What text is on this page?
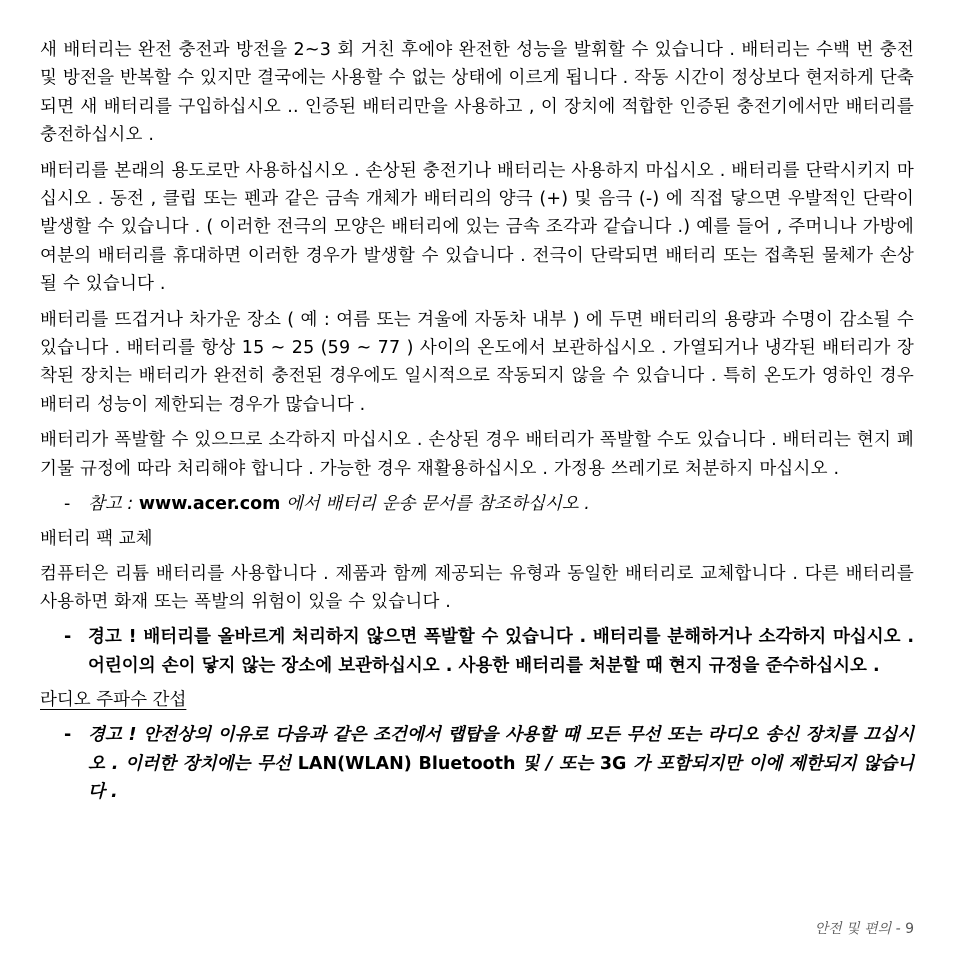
새 배터리는 완전 충전과 방전을 2~3 회 거친 후에야 완전한 성능을 발휘할 수 있습니다 . 배터리는 수백 번 충전 및 방전을 반복할 수 있지만 결국에는 사용할 수 없는 상태에 이르게 됩니다 . 작동 시간이 정상보다 현저하게 단축되면 새 배터리를 구입하십시오 .. 인증된 배터리만을 사용하고 , 이 장치에 적합한 인증된 충전기에서만 배터리를 충전하십시오 .

배터리를 본래의 용도로만 사용하십시오 . 손상된 충전기나 배터리는 사용하지 마십시오 . 배터리를 단락시키지 마십시오 . 동전 , 클립 또는 펜과 같은 금속 개체가 배터리의 양극 (+) 및 음극 (-) 에 직접 닿으면 우발적인 단락이 발생할 수 있습니다 . ( 이러한 전극의 모양은 배터리에 있는 금속 조각과 같습니다 .) 예를 들어 , 주머니나 가방에 여분의 배터리를 휴대하면 이러한 경우가 발생할 수 있습니다 . 전극이 단락되면 배터리 또는 접촉된 물체가 손상될 수 있습니다 .

배터리를 뜨겁거나 차가운 장소 ( 예 : 여름 또는 겨울에 자동차 내부 ) 에 두면 배터리의 용량과 수명이 감소될 수 있습니다 . 배터리를 항상 15 ~ 25 (59 ~ 77 ) 사이의 온도에서 보관하십시오 . 가열되거나 냉각된 배터리가 장착된 장치는 배터리가 완전히 충전된 경우에도 일시적으로 작동되지 않을 수 있습니다 . 특히 온도가 영하인 경우 배터리 성능이 제한되는 경우가 많습니다 .

배터리가 폭발할 수 있으므로 소각하지 마십시오 . 손상된 경우 배터리가 폭발할 수도 있습니다 . 배터리는 현지 폐기물 규정에 따라 처리해야 합니다 . 가능한 경우 재활용하십시오 . 가정용 쓰레기로 처분하지 마십시오 .

-	참고 : www.acer.com 에서 배터리 운송 문서를 참조하십시오 .

배터리 팩 교체

컴퓨터은 리튬 배터리를 사용합니다 . 제품과 함께 제공되는 유형과 동일한 배터리로 교체합니다 . 다른 배터리를 사용하면 화재 또는 폭발의 위험이 있을 수 있습니다 .

- 경고 ! 배터리를 올바르게 처리하지 않으면 폭발할 수 있습니다 . 배터리를 분해하거나 소각하지 마십시오 . 어린이의 손이 닿지 않는 장소에 보관하십시오 . 사용한 배터리를 처분할 때 현지 규정을 준수하십시오 .

라디오 주파수 간섭

- 경고 ! 안전상의 이유로 다음과 같은 조건에서 랩탑을 사용할 때 모든 무선 또는 라디오 송신 장치를 끄십시오 . 이러한 장치에는 무선 LAN(WLAN) Bluetooth 및 / 또는 3G 가 포함되지만 이에 제한되지 않습니다 .
안전 및 편의 - 9
